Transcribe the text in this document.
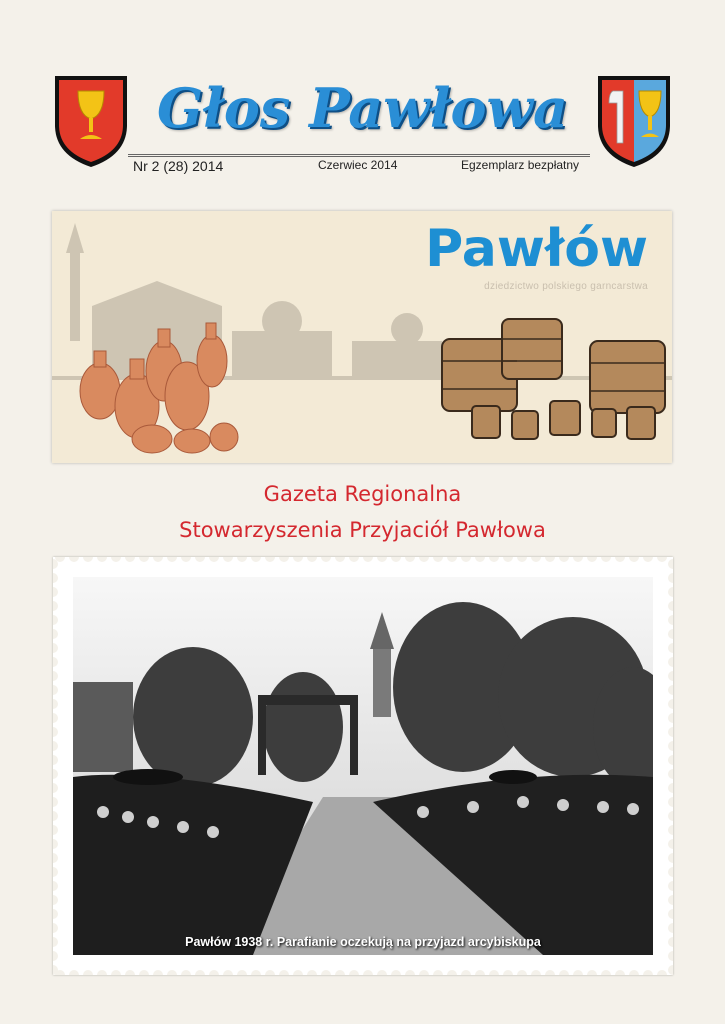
Głos Pawłowa
Nr 2 (28) 2014	Czerwiec 2014	Egzemplarz bezpłatny
Pawłów
dziedzictwo polskiego garncarstwa
Gazeta Regionalna
Stowarzyszenia Przyjaciół Pawłowa
Pawłów 1938 r. Parafianie oczekują na przyjazd arcybiskupa
